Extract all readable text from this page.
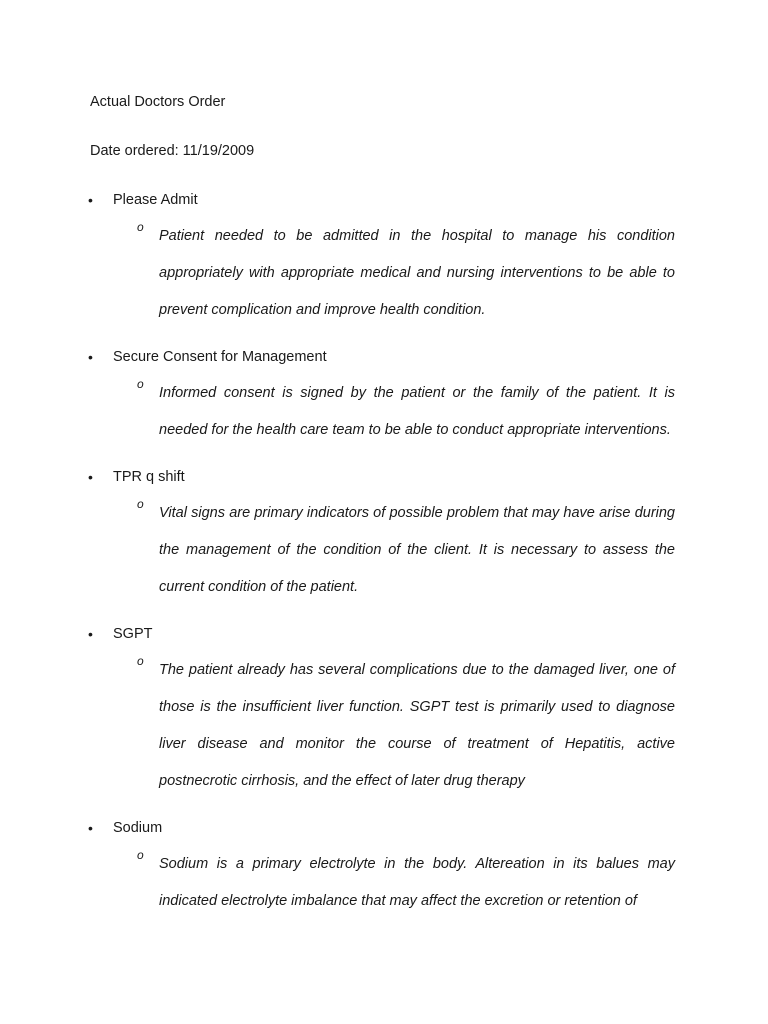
Actual Doctors Order
Date ordered: 11/19/2009
• Please Admit
o
Patient needed to be admitted in the hospital to manage his condition appropriately with appropriate medical and nursing interventions to be able to prevent complication and improve health condition.
• Secure Consent for Management
o
Informed consent is signed by the patient or the family of the patient. It is needed for the health care team to be able to conduct appropriate interventions.
• TPR q shift
o
Vital signs are primary indicators of possible problem that may have arise during the management of the condition of the client. It is necessary to assess the current condition of the patient.
• SGPT
o
The patient already has several complications due to the damaged liver, one of those is the insufficient liver function. SGPT test is primarily used to diagnose liver disease and monitor the course of treatment of Hepatitis, active postnecrotic cirrhosis, and the effect of later drug therapy
• Sodium
o
Sodium is a primary electrolyte in the body. Altereation in its balues may indicated electrolyte imbalance that may affect the excretion or retention of
